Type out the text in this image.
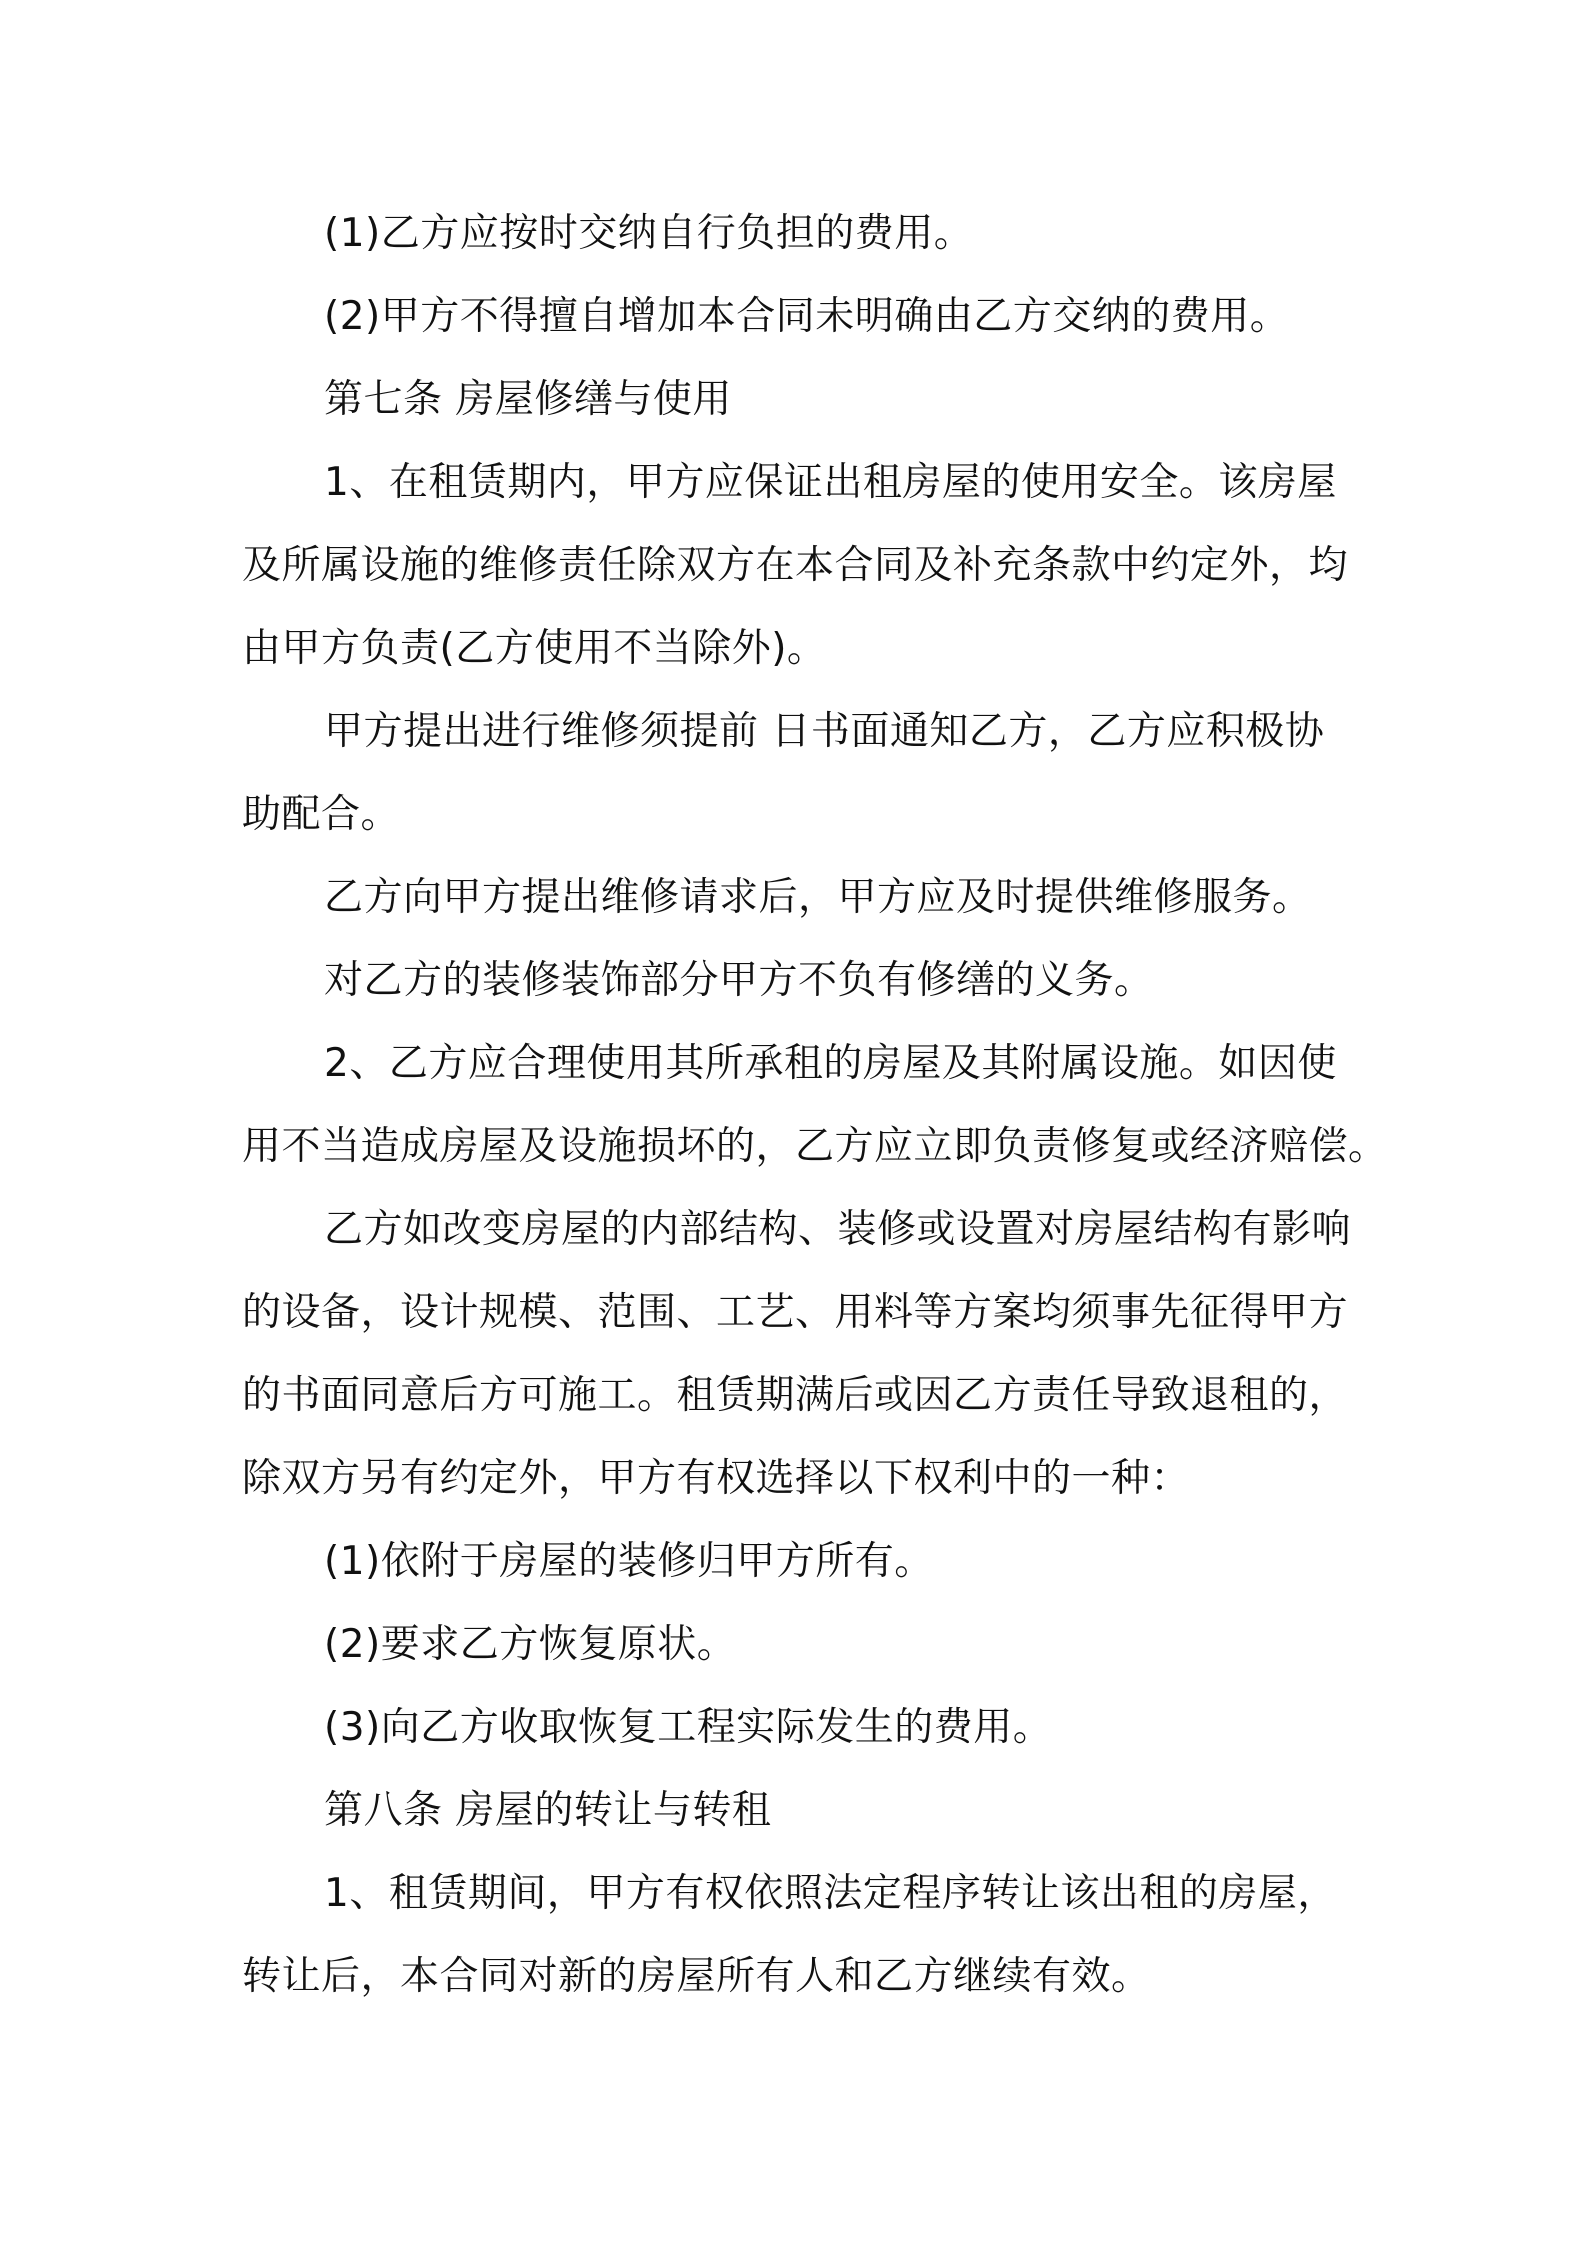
(1)乙方应按时交纳自行负担的费用。
(2)甲方不得擅自增加本合同未明确由乙方交纳的费用。
第七条 房屋修缮与使用
1、在租赁期内，甲方应保证出租房屋的使用安全。该房屋
及所属设施的维修责任除双方在本合同及补充条款中约定外，均
由甲方负责(乙方使用不当除外)。
甲方提出进行维修须提前 日书面通知乙方，乙方应积极协
助配合。
乙方向甲方提出维修请求后，甲方应及时提供维修服务。
对乙方的装修装饰部分甲方不负有修缮的义务。
2、乙方应合理使用其所承租的房屋及其附属设施。如因使
用不当造成房屋及设施损坏的，乙方应立即负责修复或经济赔偿。
乙方如改变房屋的内部结构、装修或设置对房屋结构有影响
的设备，设计规模、范围、工艺、用料等方案均须事先征得甲方
的书面同意后方可施工。租赁期满后或因乙方责任导致退租的，
除双方另有约定外，甲方有权选择以下权利中的一种：
(1)依附于房屋的装修归甲方所有。
(2)要求乙方恢复原状。
(3)向乙方收取恢复工程实际发生的费用。
第八条 房屋的转让与转租
1、租赁期间，甲方有权依照法定程序转让该出租的房屋，
转让后，本合同对新的房屋所有人和乙方继续有效。
